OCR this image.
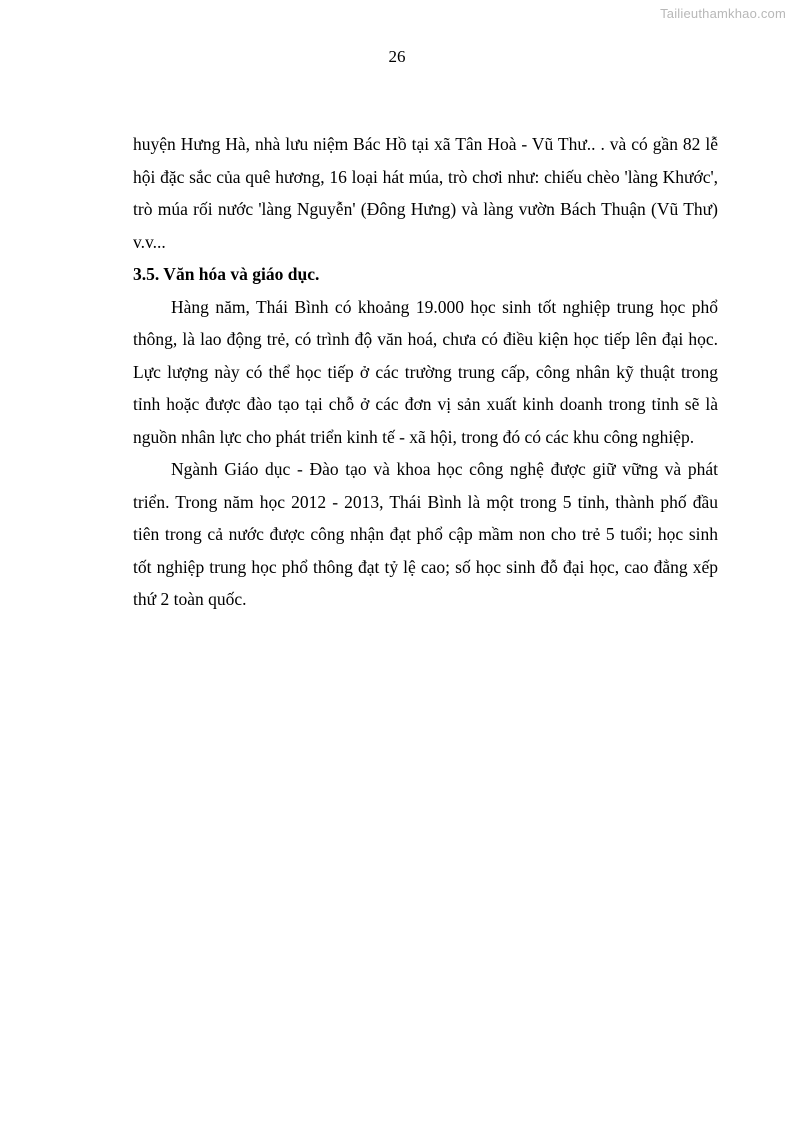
Tailieuthamkhao.com
26

huyện Hưng Hà, nhà lưu niệm Bác Hồ tại xã Tân Hoà - Vũ Thư.. . và có gần 82 lễ hội đặc sắc của quê hương, 16 loại hát múa, trò chơi như: chiếu chèo 'làng Khước', trò múa rối nước 'làng Nguyễn' (Đông Hưng) và làng vườn Bách Thuận (Vũ Thư) v.v...

3.5. Văn hóa và giáo dục.

Hàng năm, Thái Bình có khoảng 19.000 học sinh tốt nghiệp trung học phổ thông, là lao động trẻ, có trình độ văn hoá, chưa có điều kiện học tiếp lên đại học. Lực lượng này có thể học tiếp ở các trường trung cấp, công nhân kỹ thuật trong tỉnh hoặc được đào tạo tại chỗ ở các đơn vị sản xuất kinh doanh trong tỉnh sẽ là nguồn nhân lực cho phát triển kinh tế - xã hội, trong đó có các khu công nghiệp.

Ngành Giáo dục - Đào tạo và khoa học công nghệ được giữ vững và phát triển. Trong năm học 2012 - 2013, Thái Bình là một trong 5 tỉnh, thành phố đầu tiên trong cả nước được công nhận đạt phổ cập mầm non cho trẻ 5 tuổi; học sinh tốt nghiệp trung học phổ thông đạt tỷ lệ cao; số học sinh đỗ đại học, cao đẳng xếp thứ 2 toàn quốc.
